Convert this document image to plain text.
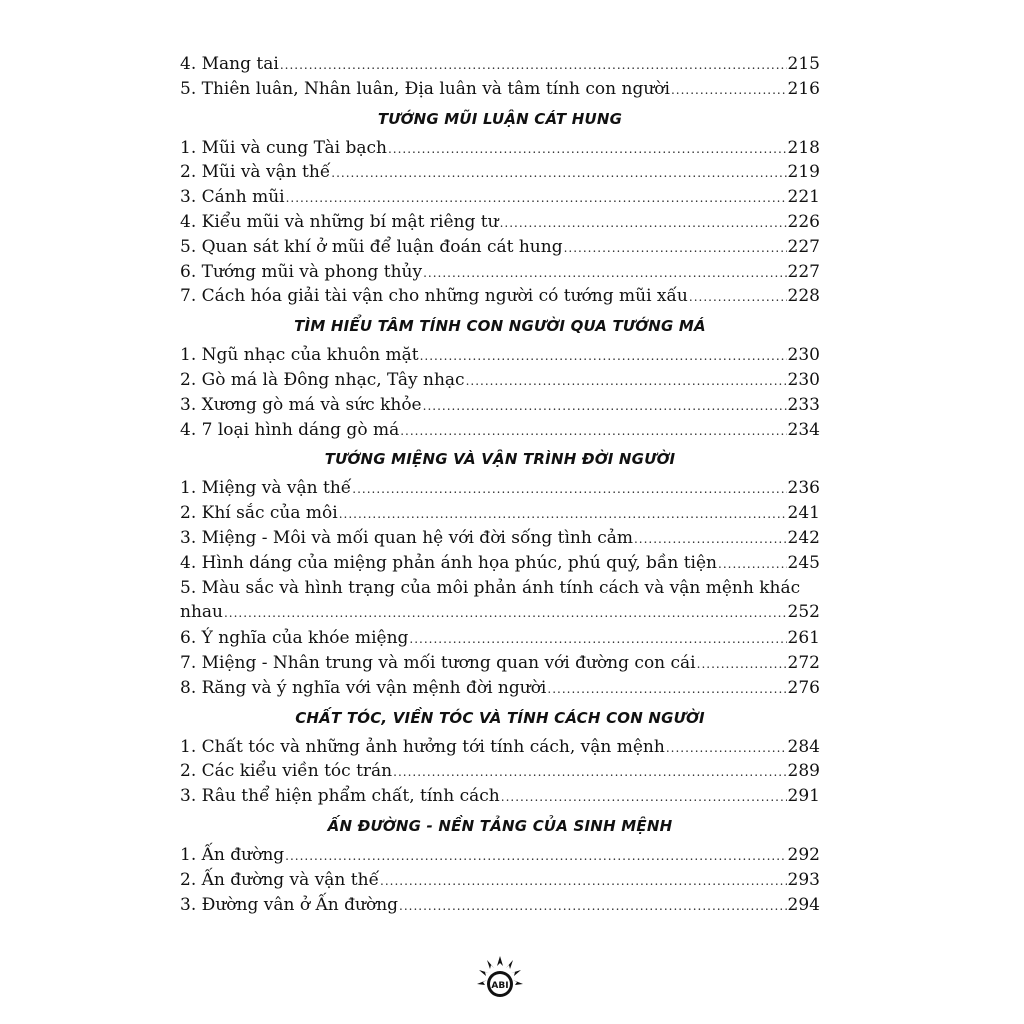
4. Mang tai .....	215
5. Thiên luân, Nhân luân, Địa luân và tâm tính con người .....	216
TƯỚNG MŨI LUẬN CÁT HUNG
1. Mũi và cung Tài bạch .....	218
2. Mũi và vận thế .....	219
3. Cánh mũi .....	221
4. Kiểu mũi và những bí mật riêng tư .....	226
5. Quan sát khí ở mũi để luận đoán cát hung .....	227
6. Tướng mũi và phong thủy .....	227
7. Cách hóa giải tài vận cho những người có tướng mũi xấu .....	228
TÌM HIỂU TÂM TÍNH CON NGƯỜI QUA TƯỚNG MÁ
1. Ngũ nhạc của khuôn mặt .....	230
2. Gò má là Đông nhạc, Tây nhạc .....	230
3. Xương gò má và sức khỏe .....	233
4. 7 loại hình dáng gò má .....	234
TƯỚNG MIỆNG VÀ VẬN TRÌNH ĐỜI NGƯỜI
1. Miệng và vận thế .....	236
2. Khí sắc của môi .....	241
3. Miệng - Môi và mối quan hệ với đời sống tình cảm .....	242
4. Hình dáng của miệng phản ánh họa phúc, phú quý, bần tiện .....	245
5. Màu sắc và hình trạng của môi phản ánh tính cách và vận mệnh khác
nhau .....	252
6. Ý nghĩa của khóe miệng .....	261
7. Miệng - Nhân trung và mối tương quan với đường con cái .....	272
8. Răng và ý nghĩa với vận mệnh đời người .....	276
CHẤT TÓC, VIỀN TÓC VÀ TÍNH CÁCH CON NGƯỜI
1. Chất tóc và những ảnh hưởng tới tính cách, vận mệnh .....	284
2. Các kiểu viền tóc trán .....	289
3. Râu thể hiện phẩm chất, tính cách .....	291
ẤN ĐƯỜNG - NỀN TẢNG CỦA SINH MỆNH
1. Ấn đường .....	292
2. Ấn đường và vận thế .....	293
3. Đường vân ở Ấn đường .....	294
ABI
